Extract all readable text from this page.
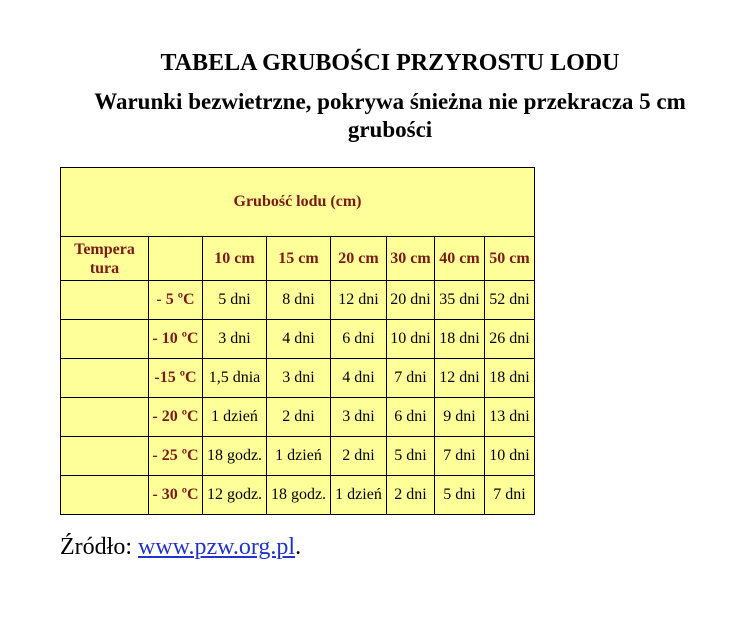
TABELA GRUBOŚCI PRZYROSTU LODU
Warunki bezwietrzne, pokrywa śnieżna nie przekracza 5 cm grubości
Grubość lodu (cm)							
Tempera tura		10 cm	15 cm	20 cm	30 cm	40 cm	50 cm
	- 5 ºC	5 dni	8 dni	12 dni	20 dni	35 dni	52 dni
	- 10 ºC	3 dni	4 dni	6 dni	10 dni	18 dni	26 dni
	-15 ºC	1,5 dnia	3 dni	4 dni	7 dni	12 dni	18 dni
	- 20 ºC	1 dzień	2 dni	3 dni	6 dni	9 dni	13 dni
	- 25 ºC	18 godz.	1 dzień	2 dni	5 dni	7 dni	10 dni
	- 30 ºC	12 godz.	18 godz.	1 dzień	2 dni	5 dni	7 dni
Źródło: www.pzw.org.pl.
